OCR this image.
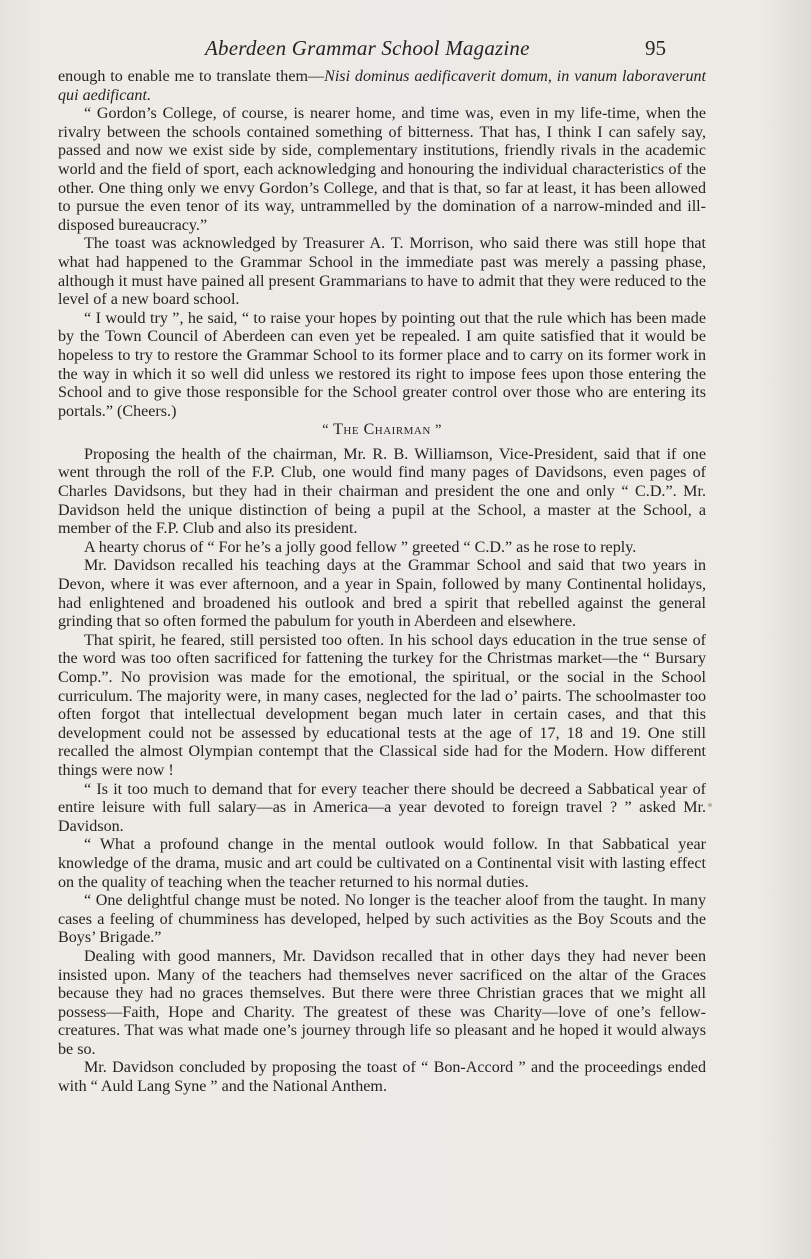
Aberdeen Grammar School Magazine	95

enough to enable me to translate them—Nisi dominus aedificaverit domum, in vanum laboraverunt qui aedificant.

“ Gordon’s College, of course, is nearer home, and time was, even in my life-time, when the rivalry between the schools contained something of bitterness. That has, I think I can safely say, passed and now we exist side by side, complementary institutions, friendly rivals in the academic world and the field of sport, each acknowledging and honouring the individual characteristics of the other. One thing only we envy Gordon’s College, and that is that, so far at least, it has been allowed to pursue the even tenor of its way, untrammelled by the domination of a narrow-minded and ill-disposed bureaucracy.”

The toast was acknowledged by Treasurer A. T. Morrison, who said there was still hope that what had happened to the Grammar School in the immediate past was merely a passing phase, although it must have pained all present Grammarians to have to admit that they were reduced to the level of a new board school.

“ I would try ”, he said, “ to raise your hopes by pointing out that the rule which has been made by the Town Council of Aberdeen can even yet be repealed. I am quite satisfied that it would be hopeless to try to restore the Grammar School to its former place and to carry on its former work in the way in which it so well did unless we restored its right to impose fees upon those entering the School and to give those responsible for the School greater control over those who are entering its portals.” (Cheers.)

“ The Chairman ”

Proposing the health of the chairman, Mr. R. B. Williamson, Vice-President, said that if one went through the roll of the F.P. Club, one would find many pages of Davidsons, even pages of Charles Davidsons, but they had in their chairman and president the one and only “ C.D.”. Mr. Davidson held the unique distinction of being a pupil at the School, a master at the School, a member of the F.P. Club and also its president.

A hearty chorus of “ For he’s a jolly good fellow ” greeted “ C.D.” as he rose to reply.

Mr. Davidson recalled his teaching days at the Grammar School and said that two years in Devon, where it was ever afternoon, and a year in Spain, followed by many Continental holidays, had enlightened and broadened his outlook and bred a spirit that rebelled against the general grinding that so often formed the pabulum for youth in Aberdeen and elsewhere.

That spirit, he feared, still persisted too often. In his school days education in the true sense of the word was too often sacrificed for fattening the turkey for the Christmas market—the “ Bursary Comp.”. No provision was made for the emotional, the spiritual, or the social in the School curriculum. The majority were, in many cases, neglected for the lad o’ pairts. The schoolmaster too often forgot that intellectual development began much later in certain cases, and that this development could not be assessed by educational tests at the age of 17, 18 and 19. One still recalled the almost Olympian contempt that the Classical side had for the Modern. How different things were now !

“ Is it too much to demand that for every teacher there should be decreed a Sabbatical year of entire leisure with full salary—as in America—a year devoted to foreign travel ? ” asked Mr. Davidson.

“ What a profound change in the mental outlook would follow. In that Sabbatical year knowledge of the drama, music and art could be cultivated on a Continental visit with lasting effect on the quality of teaching when the teacher returned to his normal duties.

“ One delightful change must be noted. No longer is the teacher aloof from the taught. In many cases a feeling of chumminess has developed, helped by such activities as the Boy Scouts and the Boys’ Brigade.”

Dealing with good manners, Mr. Davidson recalled that in other days they had never been insisted upon. Many of the teachers had themselves never sacrificed on the altar of the Graces because they had no graces themselves. But there were three Christian graces that we might all possess—Faith, Hope and Charity. The greatest of these was Charity—love of one’s fellow-creatures. That was what made one’s journey through life so pleasant and he hoped it would always be so.

Mr. Davidson concluded by proposing the toast of “ Bon-Accord ” and the proceedings ended with “ Auld Lang Syne ” and the National Anthem.
